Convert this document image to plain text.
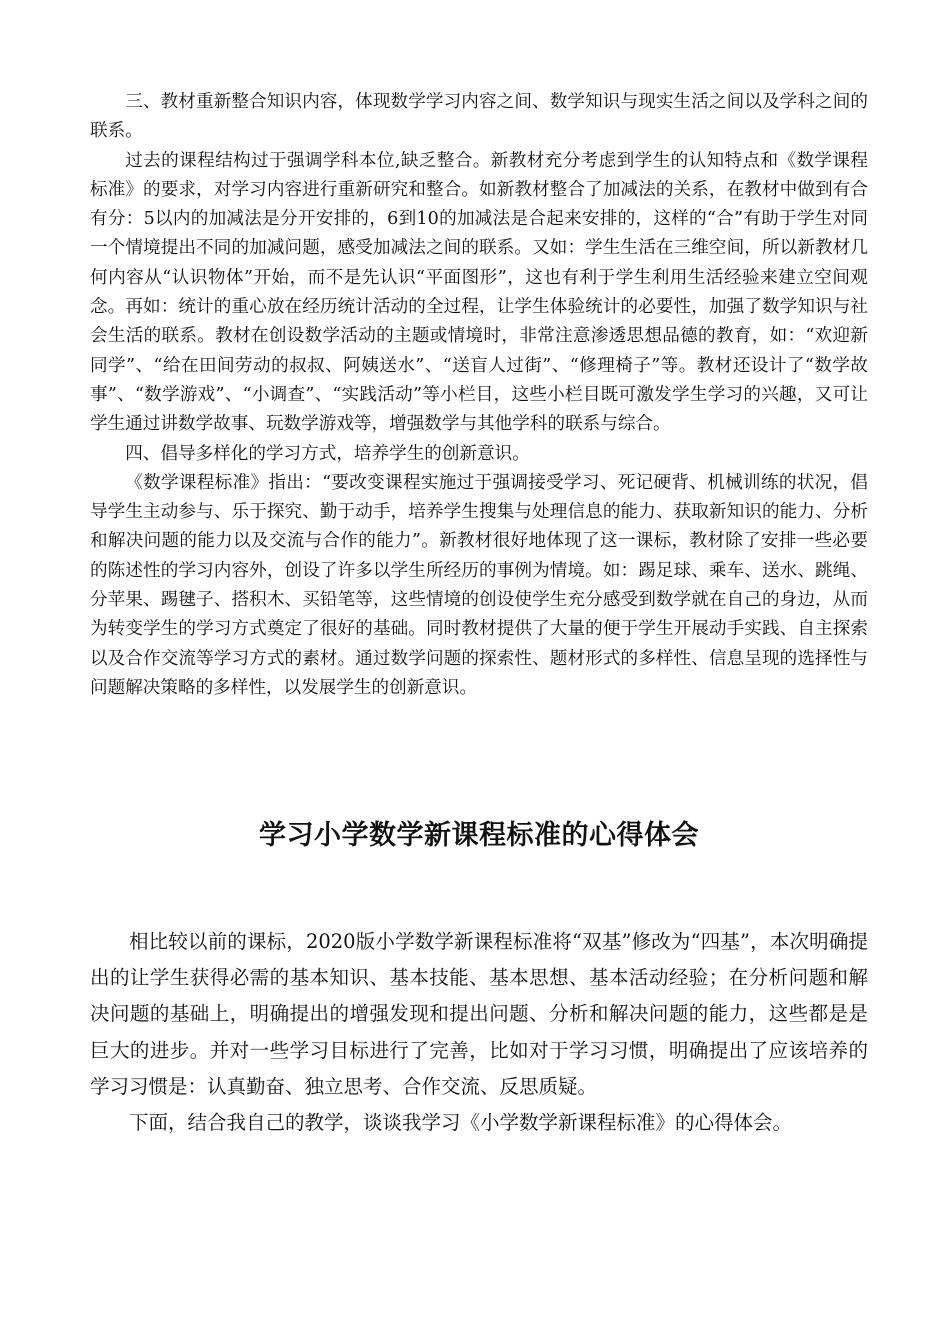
三、教材重新整合知识内容，体现数学学习内容之间、数学知识与现实生活之间以及学科之间的联系。

过去的课程结构过于强调学科本位,缺乏整合。新教材充分考虑到学生的认知特点和《数学课程标准》的要求，对学习内容进行重新研究和整合。如新教材整合了加减法的关系，在教材中做到有合有分：5以内的加减法是分开安排的，6到10的加减法是合起来安排的，这样的“合”有助于学生对同一个情境提出不同的加减问题，感受加减法之间的联系。又如：学生生活在三维空间，所以新教材几何内容从“认识物体”开始，而不是先认识“平面图形”，这也有利于学生利用生活经验来建立空间观念。再如：统计的重心放在经历统计活动的全过程，让学生体验统计的必要性，加强了数学知识与社会生活的联系。教材在创设数学活动的主题或情境时，非常注意渗透思想品德的教育，如：“欢迎新同学”、“给在田间劳动的叔叔、阿姨送水”、“送盲人过街”、“修理椅子”等。教材还设计了“数学故事”、“数学游戏”、“小调查”、“实践活动”等小栏目，这些小栏目既可激发学生学习的兴趣，又可让学生通过讲数学故事、玩数学游戏等，增强数学与其他学科的联系与综合。

四、倡导多样化的学习方式，培养学生的创新意识。

《数学课程标准》指出：“要改变课程实施过于强调接受学习、死记硬背、机械训练的状况，倡导学生主动参与、乐于探究、勤于动手，培养学生搜集与处理信息的能力、获取新知识的能力、分析和解决问题的能力以及交流与合作的能力”。新教材很好地体现了这一课标，教材除了安排一些必要的陈述性的学习内容外，创设了许多以学生所经历的事例为情境。如：踢足球、乘车、送水、跳绳、分苹果、踢毽子、搭积木、买铅笔等，这些情境的创设使学生充分感受到数学就在自己的身边，从而为转变学生的学习方式奠定了很好的基础。同时教材提供了大量的便于学生开展动手实践、自主探索以及合作交流等学习方式的素材。通过数学问题的探索性、题材形式的多样性、信息呈现的选择性与问题解决策略的多样性，以发展学生的创新意识。

学习小学数学新课程标准的心得体会

相比较以前的课标，2020版小学数学新课程标准将“双基”修改为“四基”，本次明确提出的让学生获得必需的基本知识、基本技能、基本思想、基本活动经验；在分析问题和解决问题的基础上，明确提出的增强发现和提出问题、分析和解决问题的能力，这些都是是巨大的进步。并对一些学习目标进行了完善，比如对于学习习惯，明确提出了应该培养的学习习惯是：认真勤奋、独立思考、合作交流、反思质疑。

下面，结合我自己的教学，谈谈我学习《小学数学新课程标准》的心得体会。
